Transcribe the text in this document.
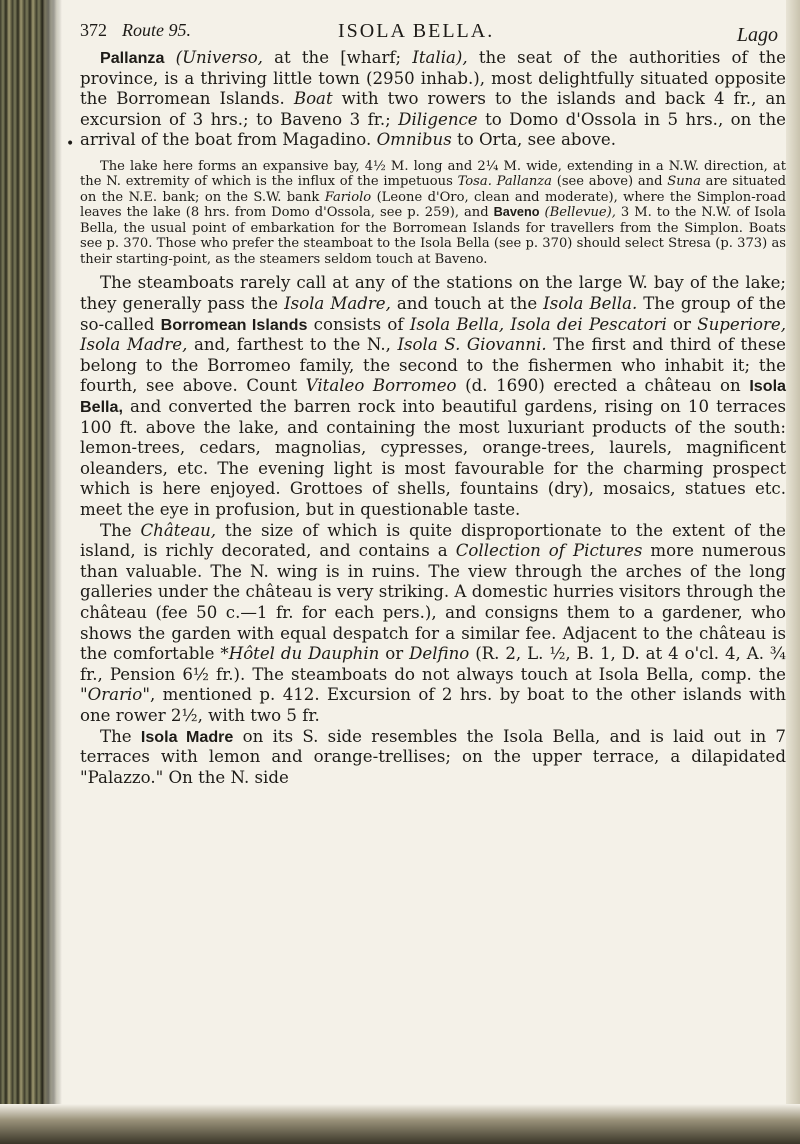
372 Route 95.	ISOLA BELLA.	Lago
•

Pallanza (Universo, at the [wharf; Italia), the seat of the authorities of the province, is a thriving little town (2950 inhab.), most delightfully situated opposite the Borromean Islands. Boat with two rowers to the islands and back 4 fr., an excursion of 3 hrs.; to Baveno 3 fr.; Diligence to Domo d'Ossola in 5 hrs., on the arrival of the boat from Magadino. Omnibus to Orta, see above.

The lake here forms an expansive bay, 4½ M. long and 2¼ M. wide, extending in a N.W. direction, at the N. extremity of which is the influx of the impetuous Tosa. Pallanza (see above) and Suna are situated on the N.E. bank; on the S.W. bank Fariolo (Leone d'Oro, clean and moderate), where the Simplon-road leaves the lake (8 hrs. from Domo d'Ossola, see p. 259), and Baveno (Bellevue), 3 M. to the N.W. of Isola Bella, the usual point of embarkation for the Borromean Islands for travellers from the Simplon. Boats see p. 370. Those who prefer the steamboat to the Isola Bella (see p. 370) should select Stresa (p. 373) as their starting-point, as the steamers seldom touch at Baveno.

The steamboats rarely call at any of the stations on the large W. bay of the lake; they generally pass the Isola Madre, and touch at the Isola Bella. The group of the so-called Borromean Islands consists of Isola Bella, Isola dei Pescatori or Superiore, Isola Madre, and, farthest to the N., Isola S. Giovanni. The first and third of these belong to the Borromeo family, the second to the fishermen who inhabit it; the fourth, see above. Count Vitaleo Borromeo (d. 1690) erected a château on Isola Bella, and converted the barren rock into beautiful gardens, rising on 10 terraces 100 ft. above the lake, and containing the most luxuriant products of the south: lemon-trees, cedars, magnolias, cypresses, orange-trees, laurels, magnificent oleanders, etc. The evening light is most favourable for the charming prospect which is here enjoyed. Grottoes of shells, fountains (dry), mosaics, statues etc. meet the eye in profusion, but in questionable taste.

The Château, the size of which is quite disproportionate to the extent of the island, is richly decorated, and contains a Collection of Pictures more numerous than valuable. The N. wing is in ruins. The view through the arches of the long galleries under the château is very striking. A domestic hurries visitors through the château (fee 50 c.—1 fr. for each pers.), and consigns them to a gardener, who shows the garden with equal despatch for a similar fee. Adjacent to the château is the comfortable *Hôtel du Dauphin or Delfino (R. 2, L. ½, B. 1, D. at 4 o'cl. 4, A. ¾ fr., Pension 6½ fr.). The steamboats do not always touch at Isola Bella, comp. the "Orario", mentioned p. 412. Excursion of 2 hrs. by boat to the other islands with one rower 2½, with two 5 fr.

The Isola Madre on its S. side resembles the Isola Bella, and is laid out in 7 terraces with lemon and orange-trellises; on the upper terrace, a dilapidated "Palazzo." On the N. side
